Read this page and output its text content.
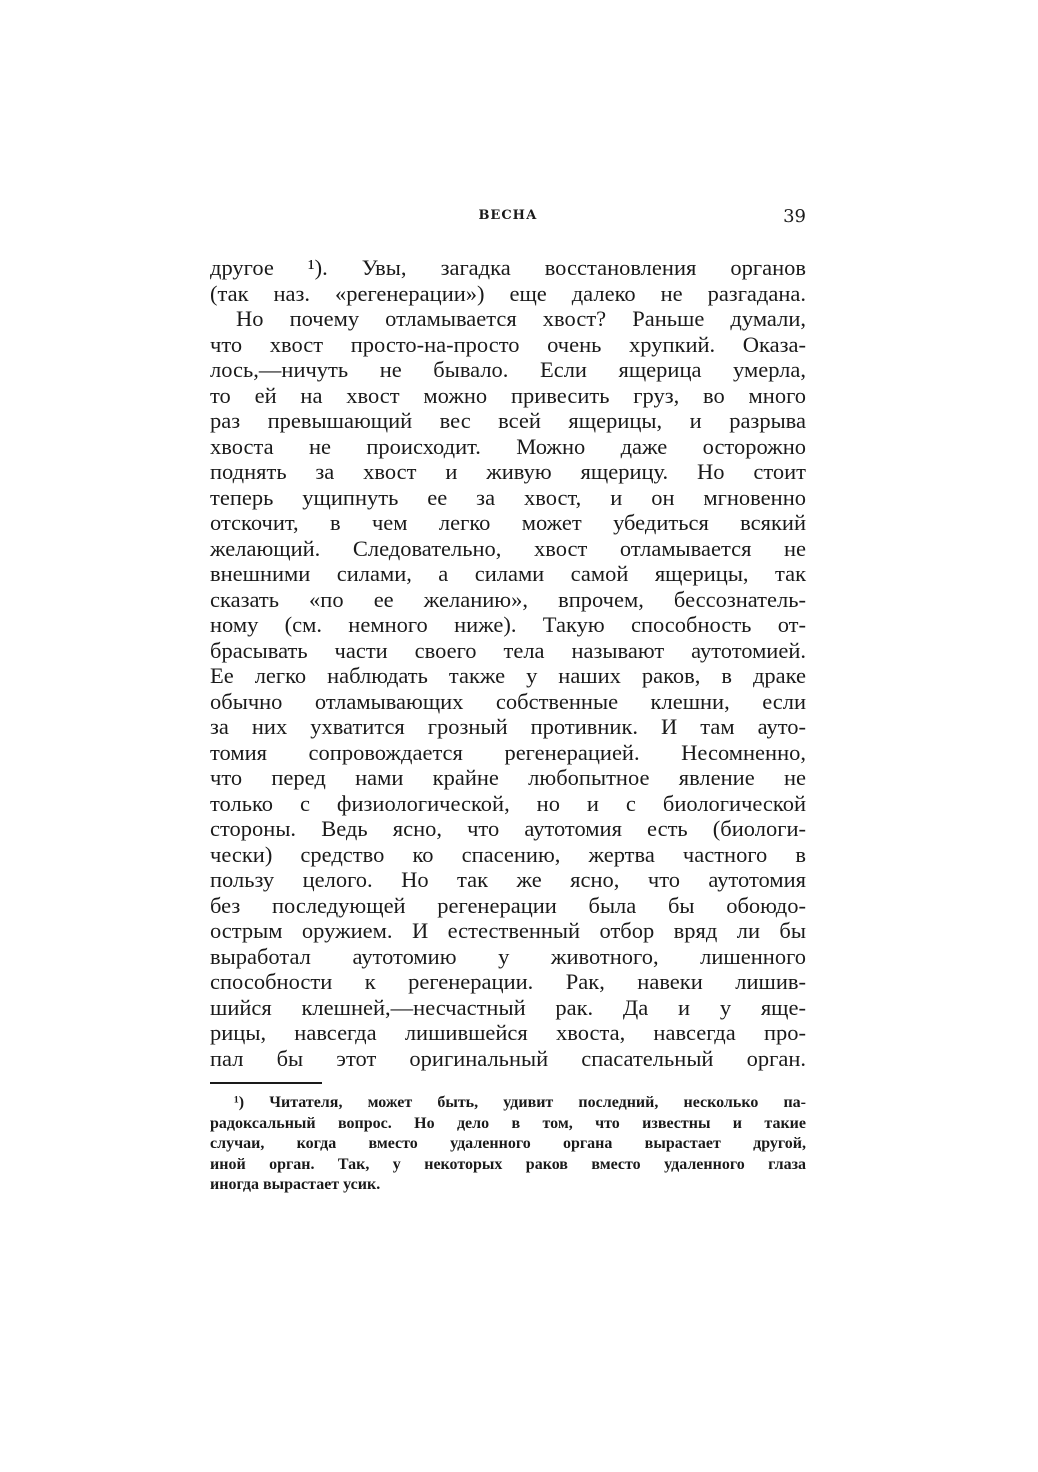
ВЕСНА	39
другое ¹). Увы, загадка восстановления органов
(так наз. «регенерации») еще далеко не разгадана.
Но почему отламывается хвост? Раньше думали,
что хвост просто-на-просто очень хрупкий. Оказа-
лось,—ничуть не бывало. Если ящерица умерла,
то ей на хвост можно привесить груз, во много
раз превышающий вес всей ящерицы, и разрыва
хвоста не происходит. Можно даже осторожно
поднять за хвост и живую ящерицу. Но стоит
теперь ущипнуть ее за хвост, и он мгновенно
отскочит, в чем легко может убедиться всякий
желающий. Следовательно, хвост отламывается не
внешними силами, а силами самой ящерицы, так
сказать «по ее желанию», впрочем, бессознатель-
ному (см. немного ниже). Такую способность от-
брасывать части своего тела называют аутотомией.
Ее легко наблюдать также у наших раков, в драке
обычно отламывающих собственные клешни, если
за них ухватится грозный противник. И там ауто-
томия сопровождается регенерацией. Несомненно,
что перед нами крайне любопытное явление не
только с физиологической, но и с биологической
стороны. Ведь ясно, что аутотомия есть (биологи-
чески) средство ко спасению, жертва частного в
пользу целого. Но так же ясно, что аутотомия
без последующей регенерации была бы обоюдо-
острым оружием. И естественный отбор вряд ли бы
выработал аутотомию у животного, лишенного
способности к регенерации. Рак, навеки лишив-
шийся клешней,—несчастный рак. Да и у яще-
рицы, навсегда лишившейся хвоста, навсегда про-
пал бы этот оригинальный спасательный орган.
¹) Читателя, может быть, удивит последний, несколько па-
радоксальный вопрос. Но дело в том, что известны и такие
случаи, когда вместо удаленного органа вырастает другой,
иной орган. Так, у некоторых раков вместо удаленного глаза
иногда вырастает усик.
